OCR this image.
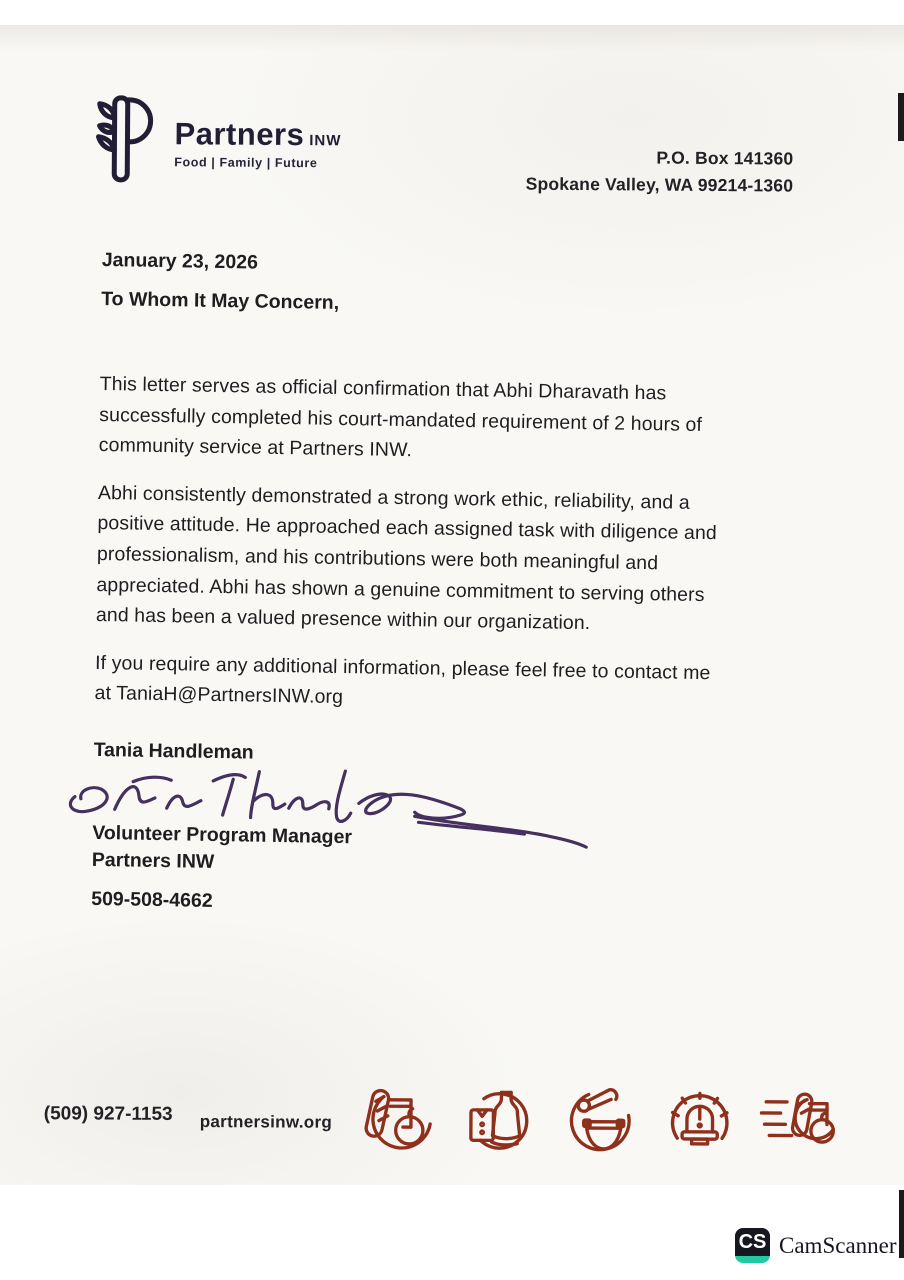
Partners INW
Food | Family | Future	P.O. Box 141360
Spokane Valley, WA 99214-1360

January 23, 2026

To Whom It May Concern,

This letter serves as official confirmation that Abhi Dharavath has
successfully completed his court-mandated requirement of 2 hours of
community service at Partners INW.

Abhi consistently demonstrated a strong work ethic, reliability, and a
positive attitude. He approached each assigned task with diligence and
professionalism, and his contributions were both meaningful and
appreciated. Abhi has shown a genuine commitment to serving others
and has been a valued presence within our organization.

If you require any additional information, please feel free to contact me
at TaniaH@PartnersINW.org

Tania Handleman

Volunteer Program Manager

Partners INW

509-508-4662

(509) 927-1153 partnersinw.org
CS CamScanner
